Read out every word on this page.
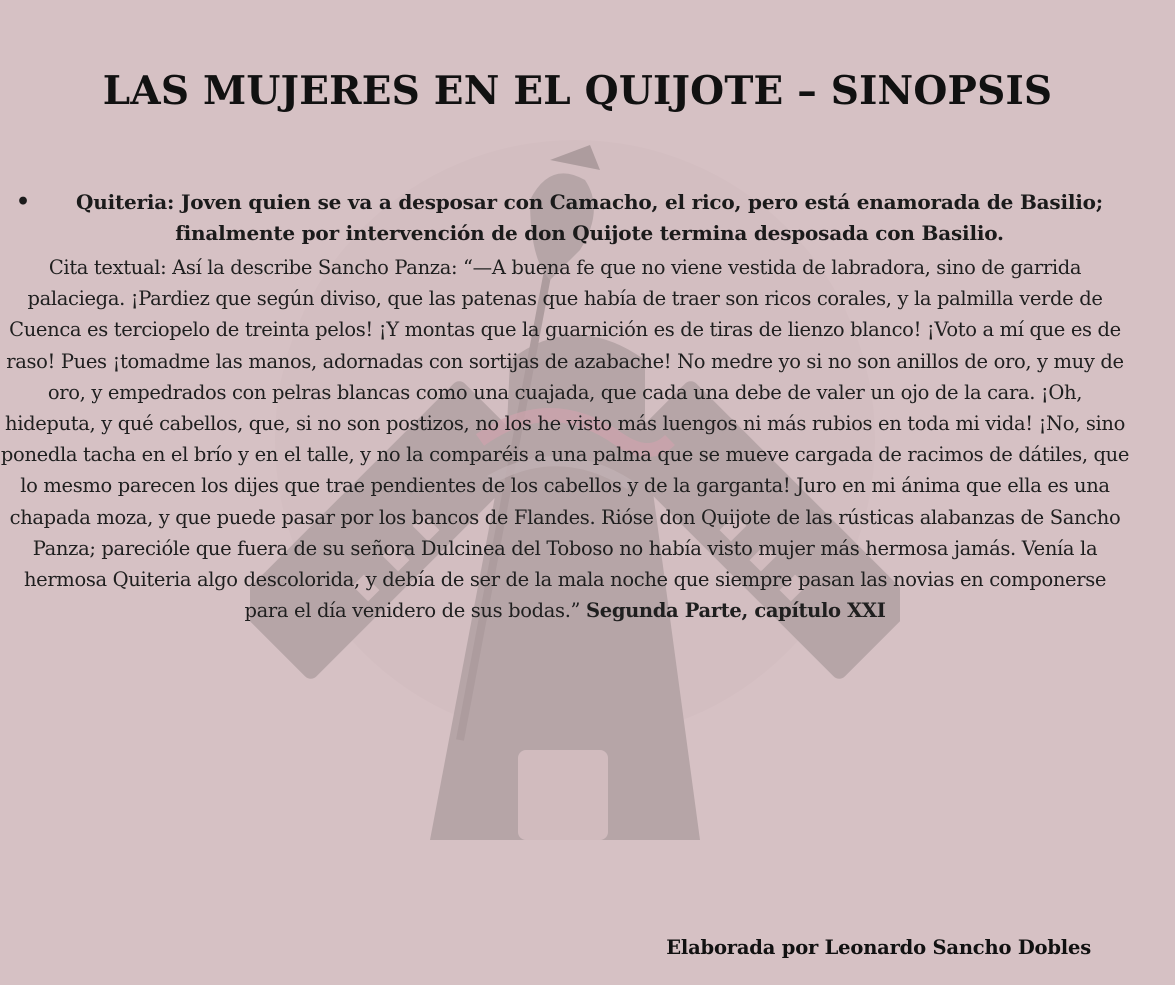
LAS MUJERES EN EL QUIJOTE – SINOPSIS
•	Quiteria: Joven quien se va a desposar con Camacho, el rico, pero está enamorada de Basilio; finalmente por intervención de don Quijote termina desposada con Basilio.

Cita textual: Así la describe Sancho Panza: “—A buena fe que no viene vestida de labradora, sino de garrida palaciega. ¡Pardiez que según diviso, que las patenas que había de traer son ricos corales, y la palmilla verde de Cuenca es terciopelo de treinta pelos! ¡Y montas que la guarnición es de tiras de lienzo blanco! ¡Voto a mí que es de raso! Pues ¡tomadme las manos, adornadas con sortijas de azabache! No medre yo si no son anillos de oro, y muy de oro, y empedrados con pelras blancas como una cuajada, que cada una debe de valer un ojo de la cara. ¡Oh, hideputa, y qué cabellos, que, si no son postizos, no los he visto más luengos ni más rubios en toda mi vida! ¡No, sino ponedla tacha en el brío y en el talle, y no la comparéis a una palma que se mueve cargada de racimos de dátiles, que lo mesmo parecen los dijes que trae pendientes de los cabellos y de la garganta! Juro en mi ánima que ella es una chapada moza, y que puede pasar por los bancos de Flandes. Rióse don Quijote de las rústicas alabanzas de Sancho Panza; parecióle que fuera de su señora Dulcinea del Toboso no había visto mujer más hermosa jamás. Venía la hermosa Quiteria algo descolorida, y debía de ser de la mala noche que siempre pasan las novias en componerse para el día venidero de sus bodas.” Segunda Parte, capítulo XXI

Elaborada por Leonardo Sancho Dobles
